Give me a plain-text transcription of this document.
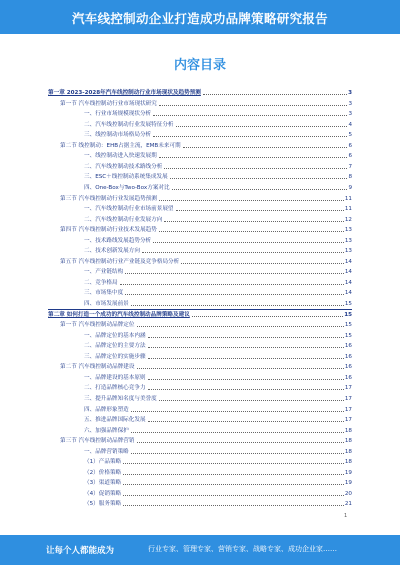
汽车线控制动企业打造成功品牌策略研究报告
内容目录
第一章 2023-2028年汽车线控制动行业市场现状及趋势预测	3
第一节 汽车线控制动行业市场现状研究	3
一、行业市场规模现状分析	3
二、汽车线控制动行业发展特征分析	4
三、线控制动市场格局分析	5
第二节 线控制动：EHB占据主流，EMB未来可期	6
一、线控制动进入快速发展期	6
二、汽车线控制动技术路线分析	7
三、ESC＋线控制动系统集成发展	8
四、One-Box与Two-Box方案对比	9
第三节 汽车线控制动行业发展趋势预测	11
一、汽车线控制动行业市场前景展望	11
二、汽车线控制动行业发展方向	12
第四节 汽车线控制动行业技术发展趋势	13
一、技术路线发展趋势分析	13
二、技术创新发展方向	13
第五节 汽车线控制动行业产业链及竞争格局分析	14
一、产业链结构	14
二、竞争格局	14
三、市场集中度	14
四、市场发展前景	15
第二章 如何打造一个成功的汽车线控制动品牌策略及建议	15
第一节 汽车线控制动品牌定位	15
一、品牌定位的基本内涵	15
二、品牌定位的主要方法	16
三、品牌定位的实施步骤	16
第二节 汽车线控制动品牌建设	16
一、品牌建设的基本原则	16
二、打造品牌核心竞争力	17
三、提升品牌知名度与美誉度	17
四、品牌形象塑造	17
五、推进品牌国际化发展	17
六、加强品牌保护	18
第三节 汽车线控制动品牌营销	18
一、品牌营销策略	18
（1）产品策略	18
（2）价格策略	19
（3）渠道策略	19
（4）促销策略	20
（5）服务策略	21
1
让每个人都能成为	行业专家、管理专家、营销专家、战略专家、成功企业家……
